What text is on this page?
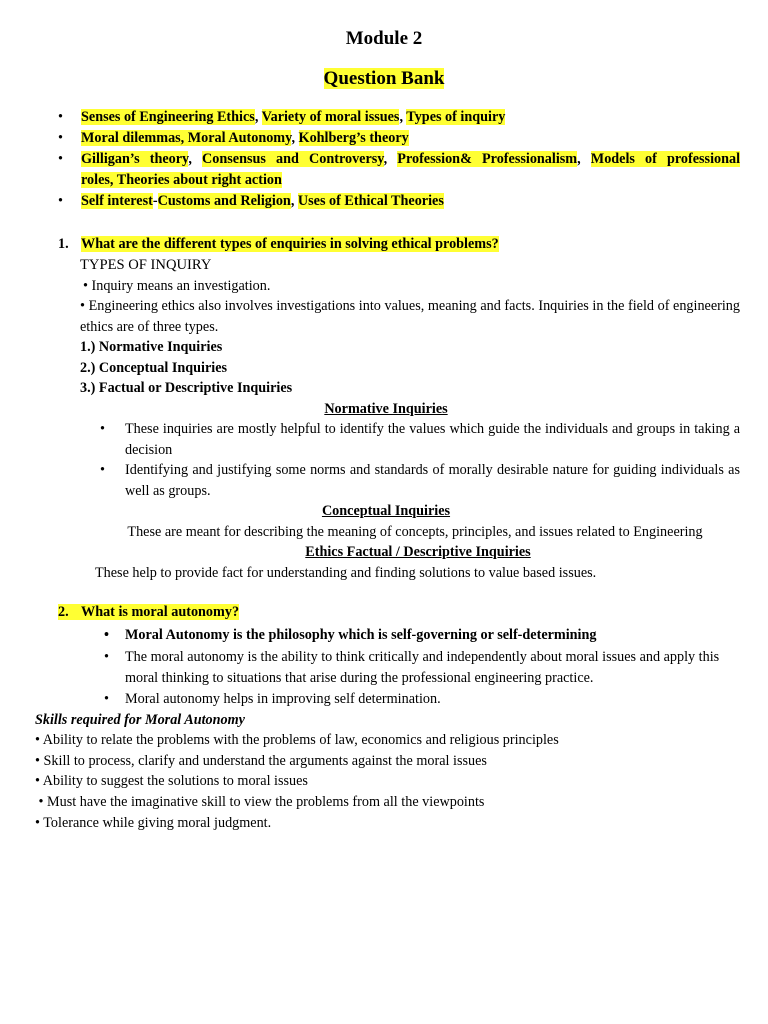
Module 2
Question Bank
•	Senses of Engineering Ethics, Variety of moral issues, Types of inquiry
•	Moral dilemmas, Moral Autonomy, Kohlberg’s theory
•	Gilligan’s theory, Consensus and Controversy, Profession& Professionalism, Models of professional
roles, Theories about right action
•	Self interest-Customs and Religion, Uses of Ethical Theories
1. What are the different types of enquiries in solving ethical problems?
TYPES OF INQUIRY
• Inquiry means an investigation.
• Engineering ethics also involves investigations into values, meaning and facts. Inquiries in the field of engineering ethics are of three types.
1.) Normative Inquiries
2.) Conceptual Inquiries
3.) Factual or Descriptive Inquiries
Normative Inquiries
• These inquiries are mostly helpful to identify the values which guide the individuals and groups in taking a decision
• Identifying and justifying some norms and standards of morally desirable nature for guiding individuals as well as groups.
Conceptual Inquiries
These are meant for describing the meaning of concepts, principles, and issues related to Engineering
Ethics Factual / Descriptive Inquiries
These help to provide fact for understanding and finding solutions to value based issues.
2. What is moral autonomy?
• Moral Autonomy is the philosophy which is self-governing or self-determining
• The moral autonomy is the ability to think critically and independently about moral issues and apply this moral thinking to situations that arise during the professional engineering practice.
• Moral autonomy helps in improving self determination.
Skills required for Moral Autonomy
• Ability to relate the problems with the problems of law, economics and religious principles
• Skill to process, clarify and understand the arguments against the moral issues
• Ability to suggest the solutions to moral issues
• Must have the imaginative skill to view the problems from all the viewpoints
• Tolerance while giving moral judgment.
